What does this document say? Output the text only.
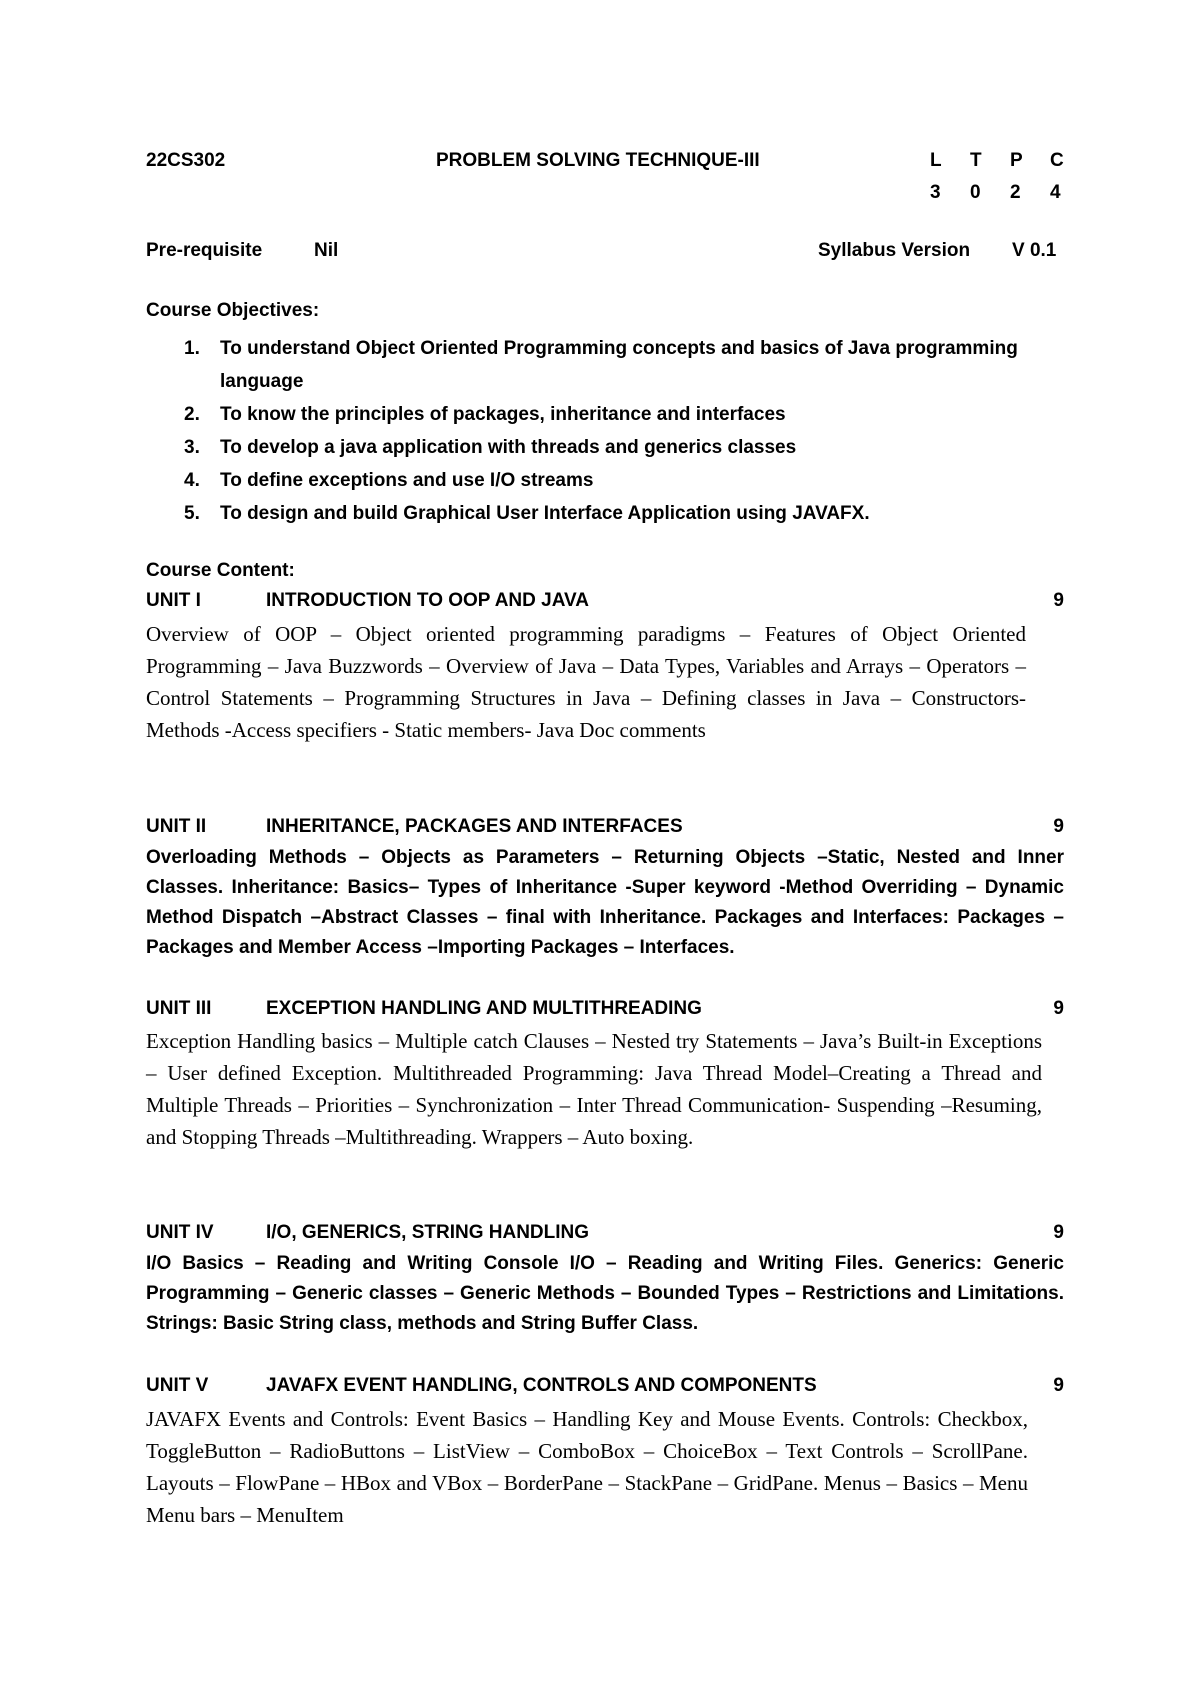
22CS302	PROBLEM SOLVING TECHNIQUE-III	L T P C
3 0 2 4
Pre-requisite	Nil	Syllabus Version V 0.1
Course Objectives:
1. To understand Object Oriented Programming concepts and basics of Java programming language
2. To know the principles of packages, inheritance and interfaces
3. To develop a java application with threads and generics classes
4. To define exceptions and use I/O streams
5. To design and build Graphical User Interface Application using JAVAFX.
Course Content:
UNIT I	INTRODUCTION TO OOP AND JAVA	9
Overview of OOP – Object oriented programming paradigms – Features of Object Oriented Programming – Java Buzzwords – Overview of Java – Data Types, Variables and Arrays – Operators – Control Statements – Programming Structures in Java – Defining classes in Java – Constructors- Methods -Access specifiers - Static members- Java Doc comments
UNIT II	INHERITANCE, PACKAGES AND INTERFACES	9
Overloading Methods – Objects as Parameters – Returning Objects –Static, Nested and Inner Classes. Inheritance: Basics– Types of Inheritance -Super keyword -Method Overriding – Dynamic Method Dispatch –Abstract Classes – final with Inheritance. Packages and Interfaces: Packages – Packages and Member Access –Importing Packages – Interfaces.
UNIT III	EXCEPTION HANDLING AND MULTITHREADING	9
Exception Handling basics – Multiple catch Clauses – Nested try Statements – Java’s Built-in Exceptions – User defined Exception. Multithreaded Programming: Java Thread Model–Creating a Thread and Multiple Threads – Priorities – Synchronization – Inter Thread Communication- Suspending –Resuming, and Stopping Threads –Multithreading. Wrappers – Auto boxing.
UNIT IV	I/O, GENERICS, STRING HANDLING	9
I/O Basics – Reading and Writing Console I/O – Reading and Writing Files. Generics: Generic Programming – Generic classes – Generic Methods – Bounded Types – Restrictions and Limitations. Strings: Basic String class, methods and String Buffer Class.
UNIT V	JAVAFX EVENT HANDLING, CONTROLS AND COMPONENTS	9
JAVAFX Events and Controls: Event Basics – Handling Key and Mouse Events. Controls: Checkbox, ToggleButton – RadioButtons – ListView – ComboBox – ChoiceBox – Text Controls – ScrollPane. Layouts – FlowPane – HBox and VBox – BorderPane – StackPane – GridPane. Menus – Basics – Menu Menu bars – MenuItem
